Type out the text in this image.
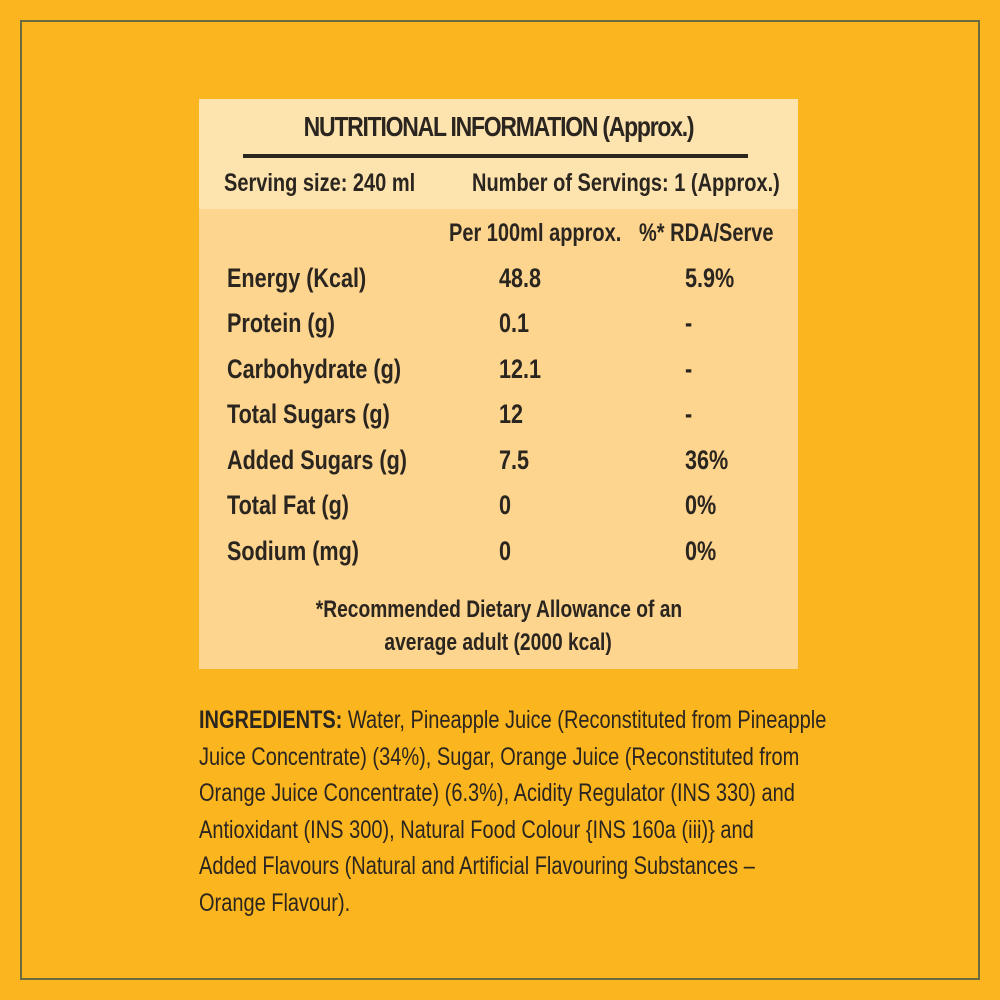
NUTRITIONAL INFORMATION (Approx.)
Serving size: 240 ml Number of Servings: 1 (Approx.)
Per 100ml approx. %* RDA/Serve
Energy (Kcal)	48.8	5.9%
Protein (g)	0.1	-
Carbohydrate (g)	12.1	-
Total Sugars (g)	12	-
Added Sugars (g)	7.5	36%
Total Fat (g)	0	0%
Sodium (mg)	0	0%
*Recommended Dietary Allowance of an
average adult (2000 kcal)
INGREDIENTS: Water, Pineapple Juice (Reconstituted from Pineapple
Juice Concentrate) (34%), Sugar, Orange Juice (Reconstituted from
Orange Juice Concentrate) (6.3%), Acidity Regulator (INS 330) and
Antioxidant (INS 300), Natural Food Colour {INS 160a (iii)} and
Added Flavours (Natural and Artificial Flavouring Substances –
Orange Flavour).
